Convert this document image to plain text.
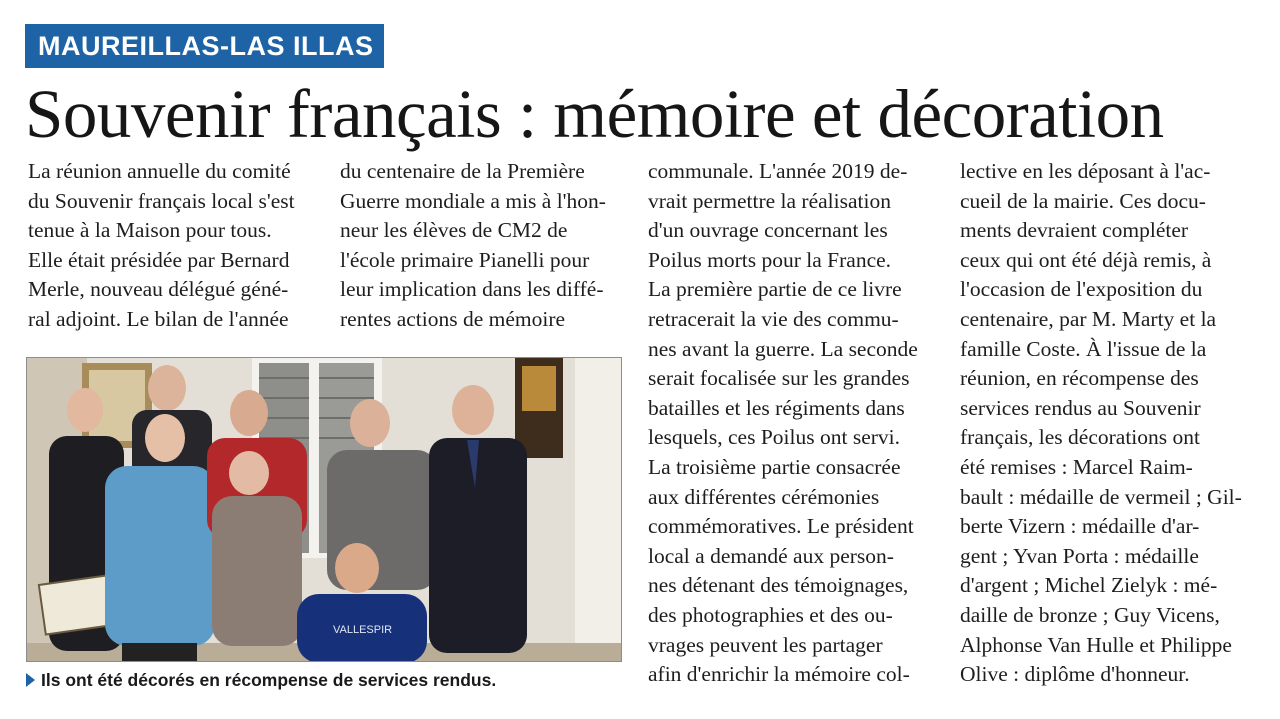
MAUREILLAS-LAS ILLAS
Souvenir français : mémoire et décoration
La réunion annuelle du comité
du Souvenir français local s'est
tenue à la Maison pour tous.
Elle était présidée par Bernard
Merle, nouveau délégué géné-
ral adjoint. Le bilan de l'année
du centenaire de la Première
Guerre mondiale a mis à l'hon-
neur les élèves de CM2 de
l'école primaire Pianelli pour
leur implication dans les diffé-
rentes actions de mémoire
communale. L'année 2019 de-
vrait permettre la réalisation
d'un ouvrage concernant les
Poilus morts pour la France.
La première partie de ce livre
retracerait la vie des commu-
nes avant la guerre. La seconde
serait focalisée sur les grandes
batailles et les régiments dans
lesquels, ces Poilus ont servi.
La troisième partie consacrée
aux différentes cérémonies
commémoratives. Le président
local a demandé aux person-
nes détenant des témoignages,
des photographies et des ou-
vrages peuvent les partager
afin d'enrichir la mémoire col-
lective en les déposant à l'ac-
cueil de la mairie. Ces docu-
ments devraient compléter
ceux qui ont été déjà remis, à
l'occasion de l'exposition du
centenaire, par M. Marty et la
famille Coste. À l'issue de la
réunion, en récompense des
services rendus au Souvenir
français, les décorations ont
été remises : Marcel Raim-
bault : médaille de vermeil ; Gil-
berte Vizern : médaille d'ar-
gent ; Yvan Porta : médaille
d'argent ; Michel Zielyk : mé-
daille de bronze ; Guy Vicens,
Alphonse Van Hulle et Philippe
Olive : diplôme d'honneur.
VALLESPIR
Ils ont été décorés en récompense de services rendus.
